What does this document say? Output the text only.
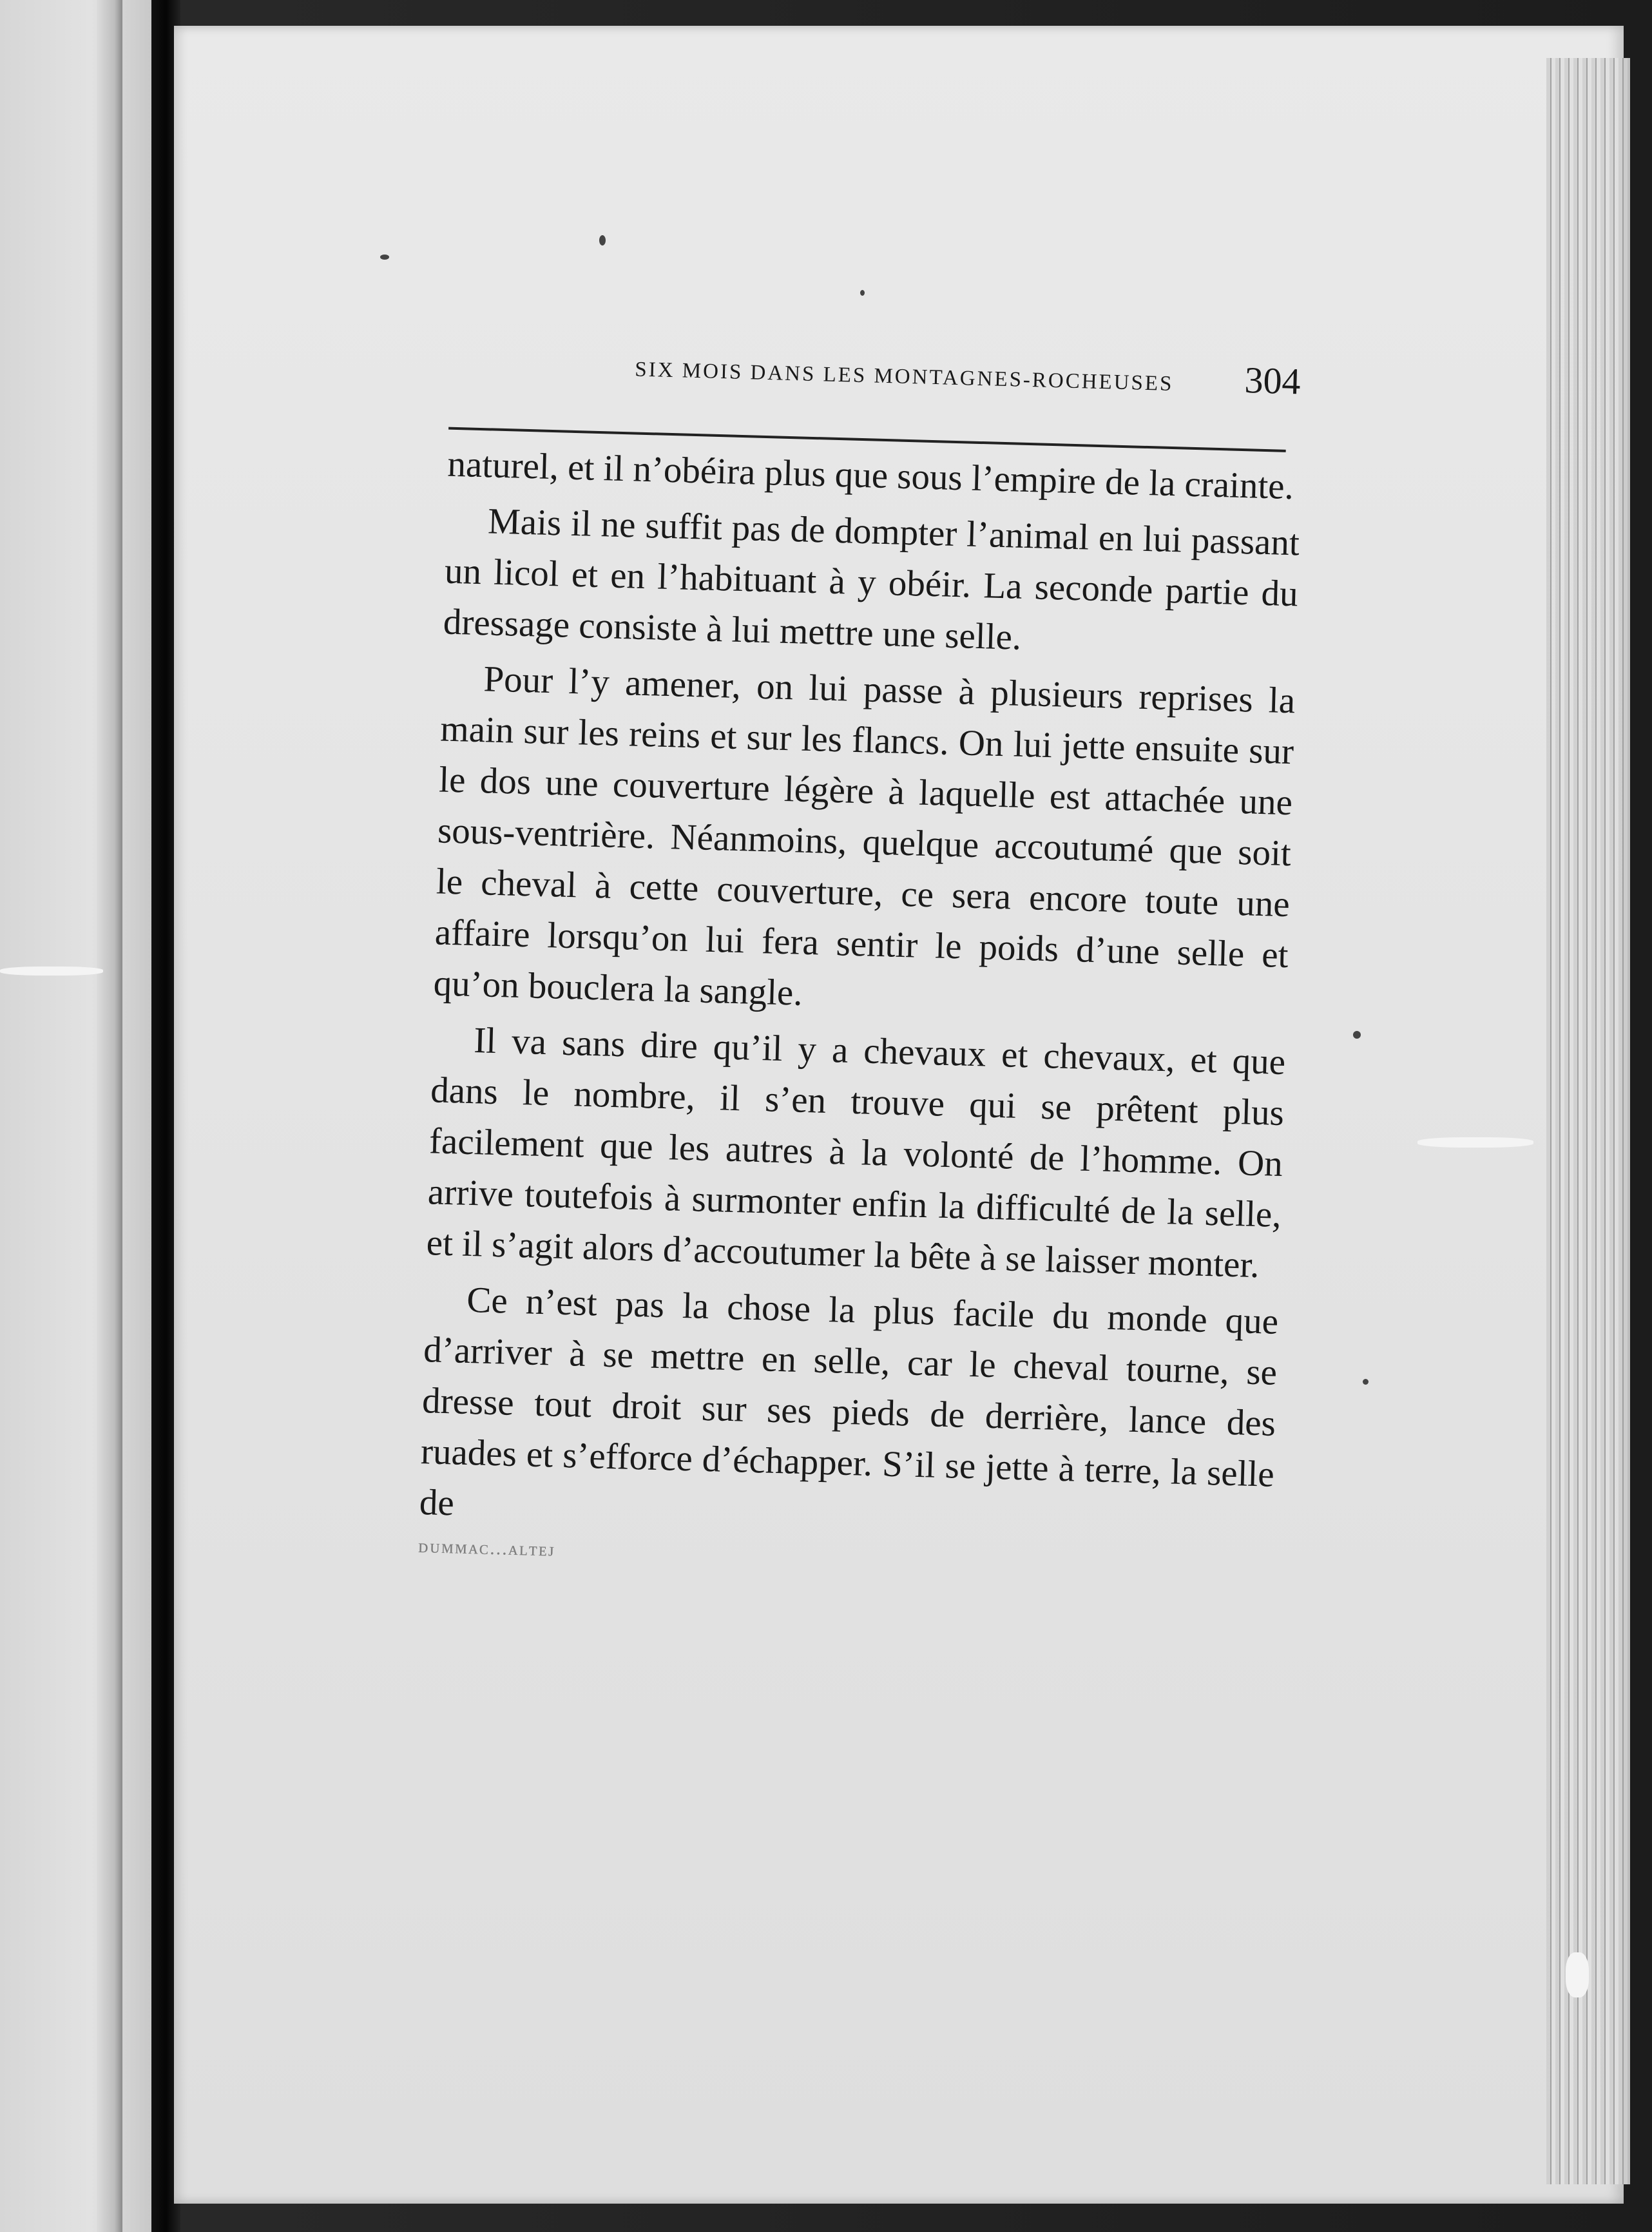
SIX MOIS DANS LES MONTAGNES-ROCHEUSES 304

naturel, et il n’obéira plus que sous l’empire de la crainte.

Mais il ne suffit pas de dompter l’animal en lui passant un licol et en l’habituant à y obéir. La seconde partie du dressage consiste à lui mettre une selle.

Pour l’y amener, on lui passe à plusieurs reprises la main sur les reins et sur les flancs. On lui jette ensuite sur le dos une couverture légère à laquelle est attachée une sous-ventrière. Néanmoins, quelque accoutumé que soit le cheval à cette couverture, ce sera encore toute une affaire lorsqu’on lui fera sentir le poids d’une selle et qu’on bouclera la sangle.

Il va sans dire qu’il y a chevaux et chevaux, et que dans le nombre, il s’en trouve qui se prêtent plus facilement que les autres à la volonté de l’homme. On arrive toutefois à surmonter enfin la difficulté de la selle, et il s’agit alors d’accoutumer la bête à se laisser monter.

Ce n’est pas la chose la plus facile du monde que d’arriver à se mettre en selle, car le cheval tourne, se dresse tout droit sur ses pieds de derrière, lance des ruades et s’efforce d’échapper. S’il se jette à terre, la selle de

ᴅᴜᴍᴍᴀᴄ...ᴀʟᴛᴇᴊ
